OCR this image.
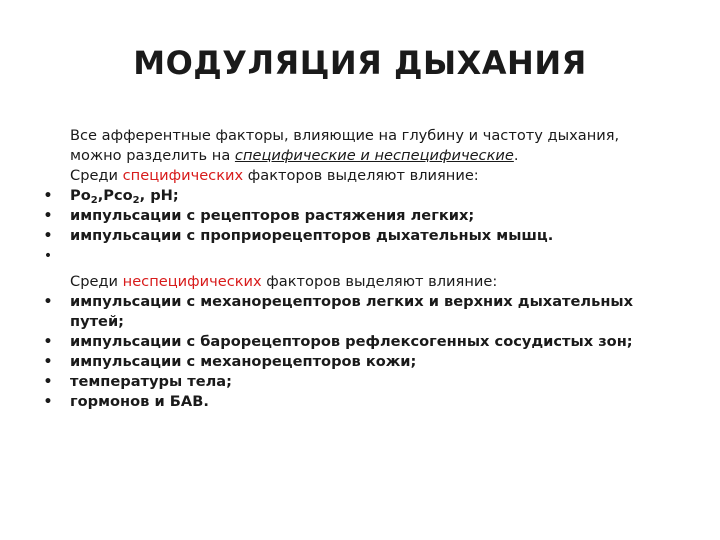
МОДУЛЯЦИЯ ДЫХАНИЯ
Все афферентные факторы, влияющие на глубину и частоту дыхания,
можно разделить на специфические и неспецифические.
Среди специфических факторов выделяют влияние:
• $Ро_2,Рсо_2$, pH;
• импульсации с рецепторов растяжения легких;
• импульсации с проприорецепторов дыхательных мышц.
•

Среди неспецифических факторов выделяют влияние:
• импульсации с механорецепторов легких и верхних дыхательных
путей;
• импульсации с барорецепторов рефлексогенных сосудистых зон;
• импульсации с механорецепторов кожи;
• температуры тела;
• гормонов и БАВ.
